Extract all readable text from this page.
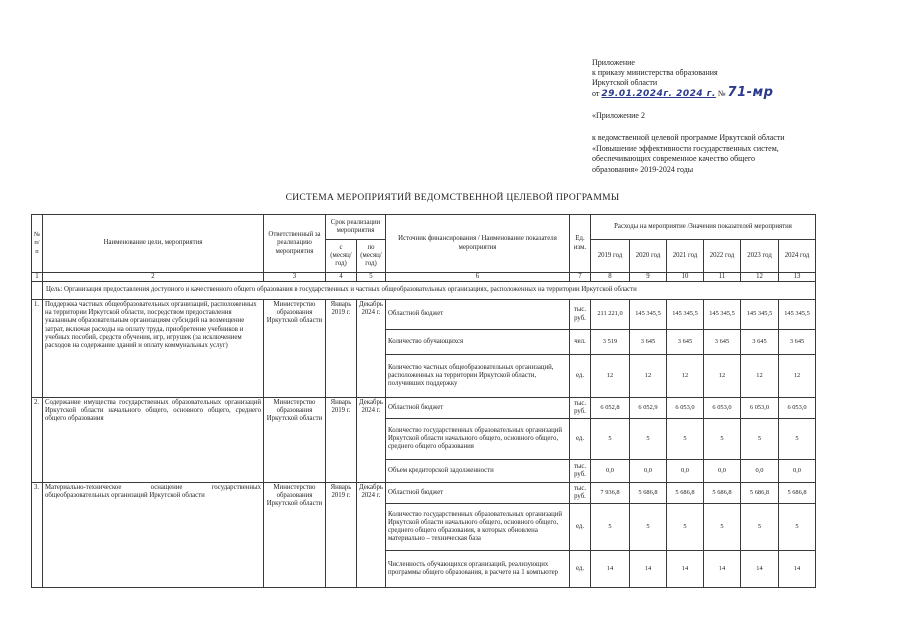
Приложение
к приказу министерства образования
Иркутской области
от 29.01.2024г. 2024 г. № 71-мр
«Приложение 2
к ведомственной целевой программе Иркутской области
«Повышение эффективности государственных систем,
обеспечивающих современное качество общего
образования» 2019-2024 годы
СИСТЕМА МЕРОПРИЯТИЙ ВЕДОМСТВЕННОЙ ЦЕЛЕВОЙ ПРОГРАММЫ
№ п/п	Наименование цели, мероприятия	Ответственный за реализацию мероприятия	Срок реализации мероприятия		Источник финансирования / Наименование показателя мероприятия	Ед. изм.	Расходы на мероприятие /Значения показателей мероприятия					
			с (месяц/ год)	по (месяц/ год)			2019 год	2020 год	2021 год	2022 год	2023 год	2024 год
1	2	3	4	5	6	7	8	9	10	11	12	13
	Цель: Организация предоставления доступного и качественного общего образования в государственных и частных общеобразовательных организациях, расположенных на территории Иркутской области											
1.	Поддержка частных общеобразовательных организаций, расположенных на территории Иркутской области, посредством предоставления указанным образовательным организациям субсидий на возмещение затрат, включая расходы на оплату труда, приобретение учебников и учебных пособий, средств обучения, игр, игрушек (за исключением расходов на содержание зданий и оплату коммунальных услуг)	Министерство образования Иркутской области	Январь 2019 г.	Декабрь 2024 г.	Областной бюджет	тыс. руб.	211 221,0	145 345,5	145 345,5	145 345,5	145 345,5	145 345,5
					Количество обучающихся	чел.	3 519	3 645	3 645	3 645	3 645	3 645
					Количество частных общеобразовательных организаций, расположенных на территории Иркутской области, получивших поддержку	ед.	12	12	12	12	12	12
2.	Содержание имущества государственных образовательных организаций Иркутской области начального общего, основного общего, среднего общего образования	Министерство образования Иркутской области	Январь 2019 г.	Декабрь 2024 г.	Областной бюджет	тыс. руб.	6 052,8	6 052,9	6 053,0	6 053,0	6 053,0	6 053,0
					Количество государственных образовательных организаций Иркутской области начального общего, основного общего, среднего общего образования	ед.	5	5	5	5	5	5
					Объем кредиторской задолженности	тыс. руб.	0,0	0,0	0,0	0,0	0,0	0,0
3.	Материально-техническое оснащение государственных общеобразовательных организаций Иркутской области	Министерство образования Иркутской области	Январь 2019 г.	Декабрь 2024 г.	Областной бюджет	тыс. руб.	7 936,8	5 686,8	5 686,8	5 686,8	5 686,8	5 686,8
					Количество государственных образовательных организаций Иркутской области начального общего, основного общего, среднего общего образования, в которых обновлена материально – техническая база	ед.	5	5	5	5	5	5
					Численность обучающихся организаций, реализующих программы общего образования, в расчете на 1 компьютер	ед.	14	14	14	14	14	14
